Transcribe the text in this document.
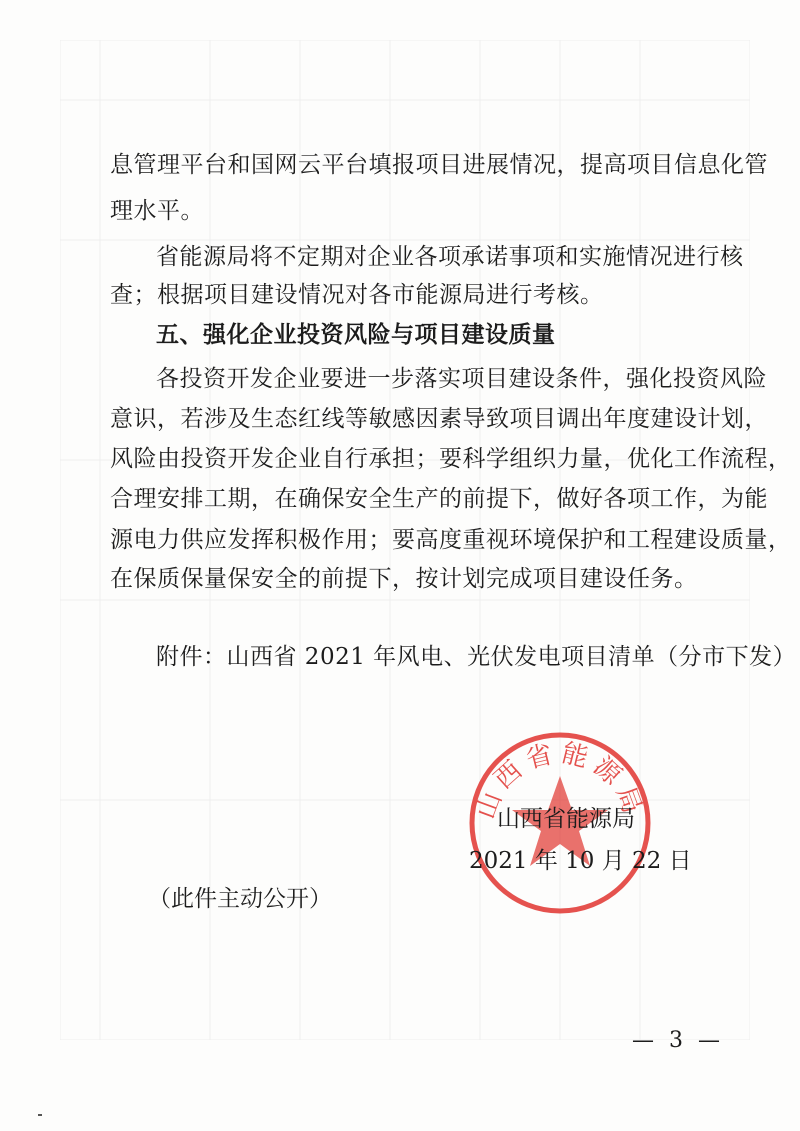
息管理平台和国网云平台填报项目进展情况，提高项目信息化管
理水平。
省能源局将不定期对企业各项承诺事项和实施情况进行核
查；根据项目建设情况对各市能源局进行考核。
五、强化企业投资风险与项目建设质量
各投资开发企业要进一步落实项目建设条件，强化投资风险
意识，若涉及生态红线等敏感因素导致项目调出年度建设计划，
风险由投资开发企业自行承担；要科学组织力量，优化工作流程，
合理安排工期，在确保安全生产的前提下，做好各项工作，为能
源电力供应发挥积极作用；要高度重视环境保护和工程建设质量，
在保质保量保安全的前提下，按计划完成项目建设任务。
附件：山西省 2021 年风电、光伏发电项目清单（分市下发）
山西省能源局
山西省能源局
2021 年 10 月 22 日
（此件主动公开）
— 3 —
